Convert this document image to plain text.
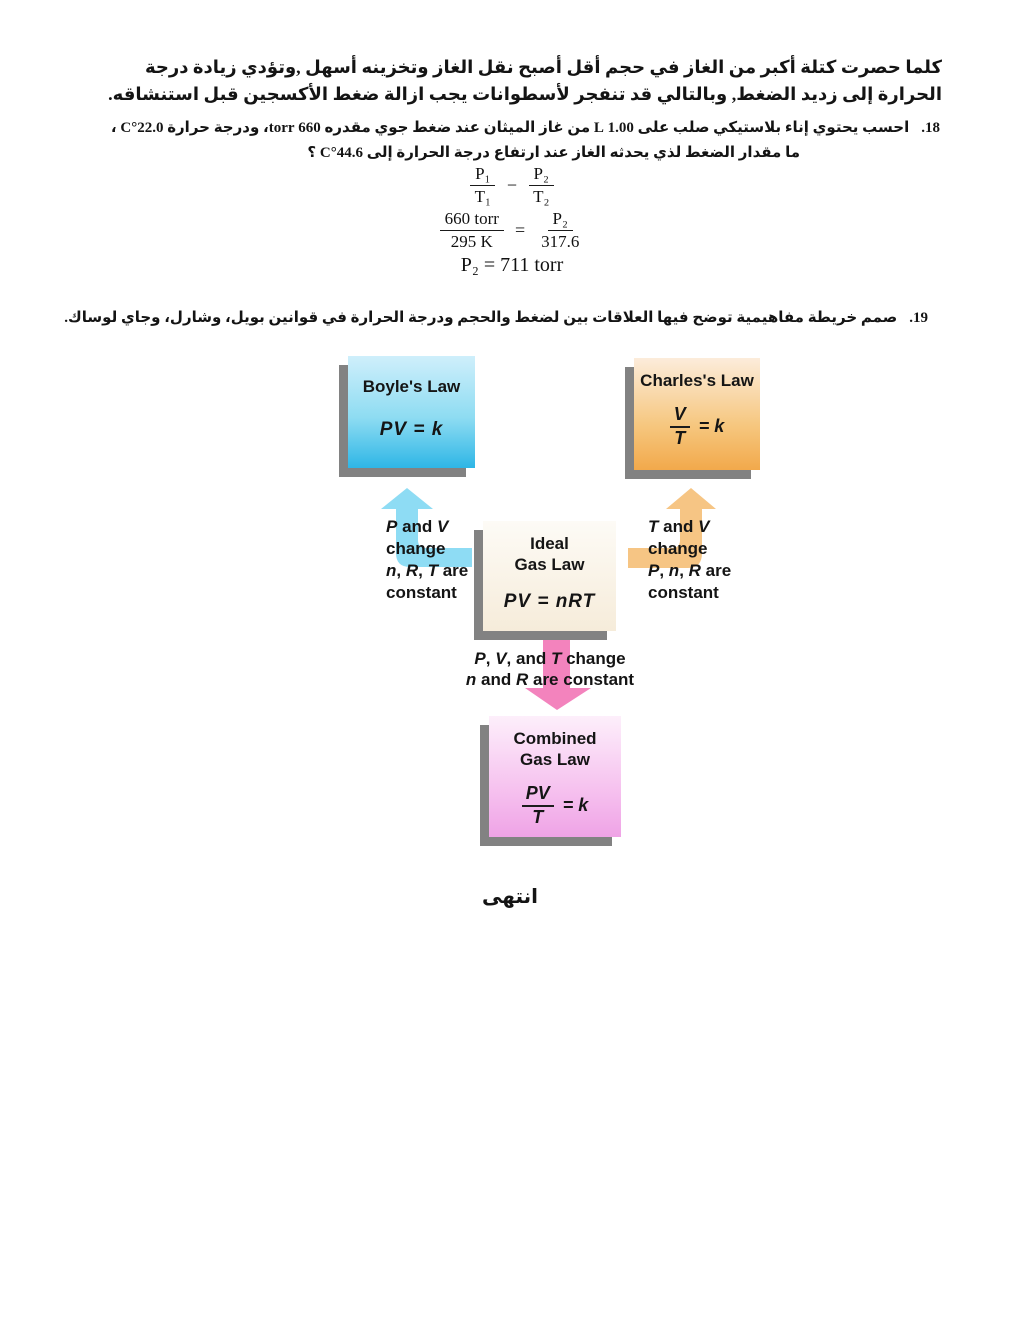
كلما حصرت كتلة أكبر من الغاز في حجم أقل أصبح نقل الغاز وتخزينه أسهل ,وتؤدي زيادة درجة
الحرارة إلى زديد الضغط, وبالتالي قد تنفجر لأسطوانات يجب ازالة ضغط الأكسجين قبل استنشاقه.
18.احسب يحتوي إناء بلاستيكي صلب على 1.00 L من غاز الميثان عند ضغط جوي مقدره 660 torr، ودرجة حرارة 22.0°C ،
ما مقدار الضغط لذي يحدثه الغاز عند ارتفاع درجة الحرارة إلى 44.6°C ؟
$\frac{\text{P₁}}{\text{T₁}} - \frac{\text{P₂}}{\text{T₂}}$
$\frac{\text{660 torr}}{295 K} = \frac{\text{P₂}}{317.6}$
P₂ = 711 torr
19.صمم خريطة مفاهيمية توضح فيها العلاقات بين لضغط والحجم ودرجة الحرارة في قوانين بويل، وشارل، وجاي لوساك.
Boyle's Law
PV = k
Charles's Law
$\frac{V}{T} = k$
Ideal
Gas Law
PV = nRT
Combined
Gas Law
$\frac{PV}{T} = k$
P and V
change
n, R, T are
constant
T and V
change
P, n, R are
constant
P, V, and T change
n and R are constant
انتهى
